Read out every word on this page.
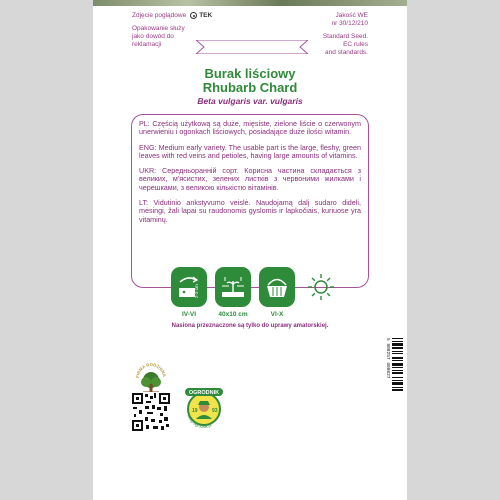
Zdjęcie poglądowe TEK
Opakowanie służy jako dowód do reklamacji
Jakość WE
nr 30/12/210
Standard Seed.
EC rules
and standards.
Burak liściowy
Rhubarb Chard
Beta vulgaris var. vulgaris

PL: Częścią użytkową są duże, mięsiste, zielone liście o czerwonym unerwieniu i ogonkach liściowych, posiadające duże ilości witamin.

ENG: Medium early variety. The usable part is the large, fleshy, green leaves with red veins and petioles, having large amounts of vitamins.

UKR: Середньоранній сорт. Корисна частина складається з великих, м'ясистих, зелених листків з червоними жилками і черешками, з великою кількістю вітамінів.

LT: Vidutinio ankstyvumo veislė. Naudojamą dalį sudaro dideli, mėsingi, žali lapai su raudonomis gyslomis ir lapkočiais, kuriuose yra vitaminų.

2-3 cm
IV-VI	40x10 cm	VI-X
Nasiona przeznaczone są tylko do uprawy amatorskiej.
FIRMA RODZINNA
OGRODNIK
19	93
sklep-ogrodnik.pl
5 908257 400827
